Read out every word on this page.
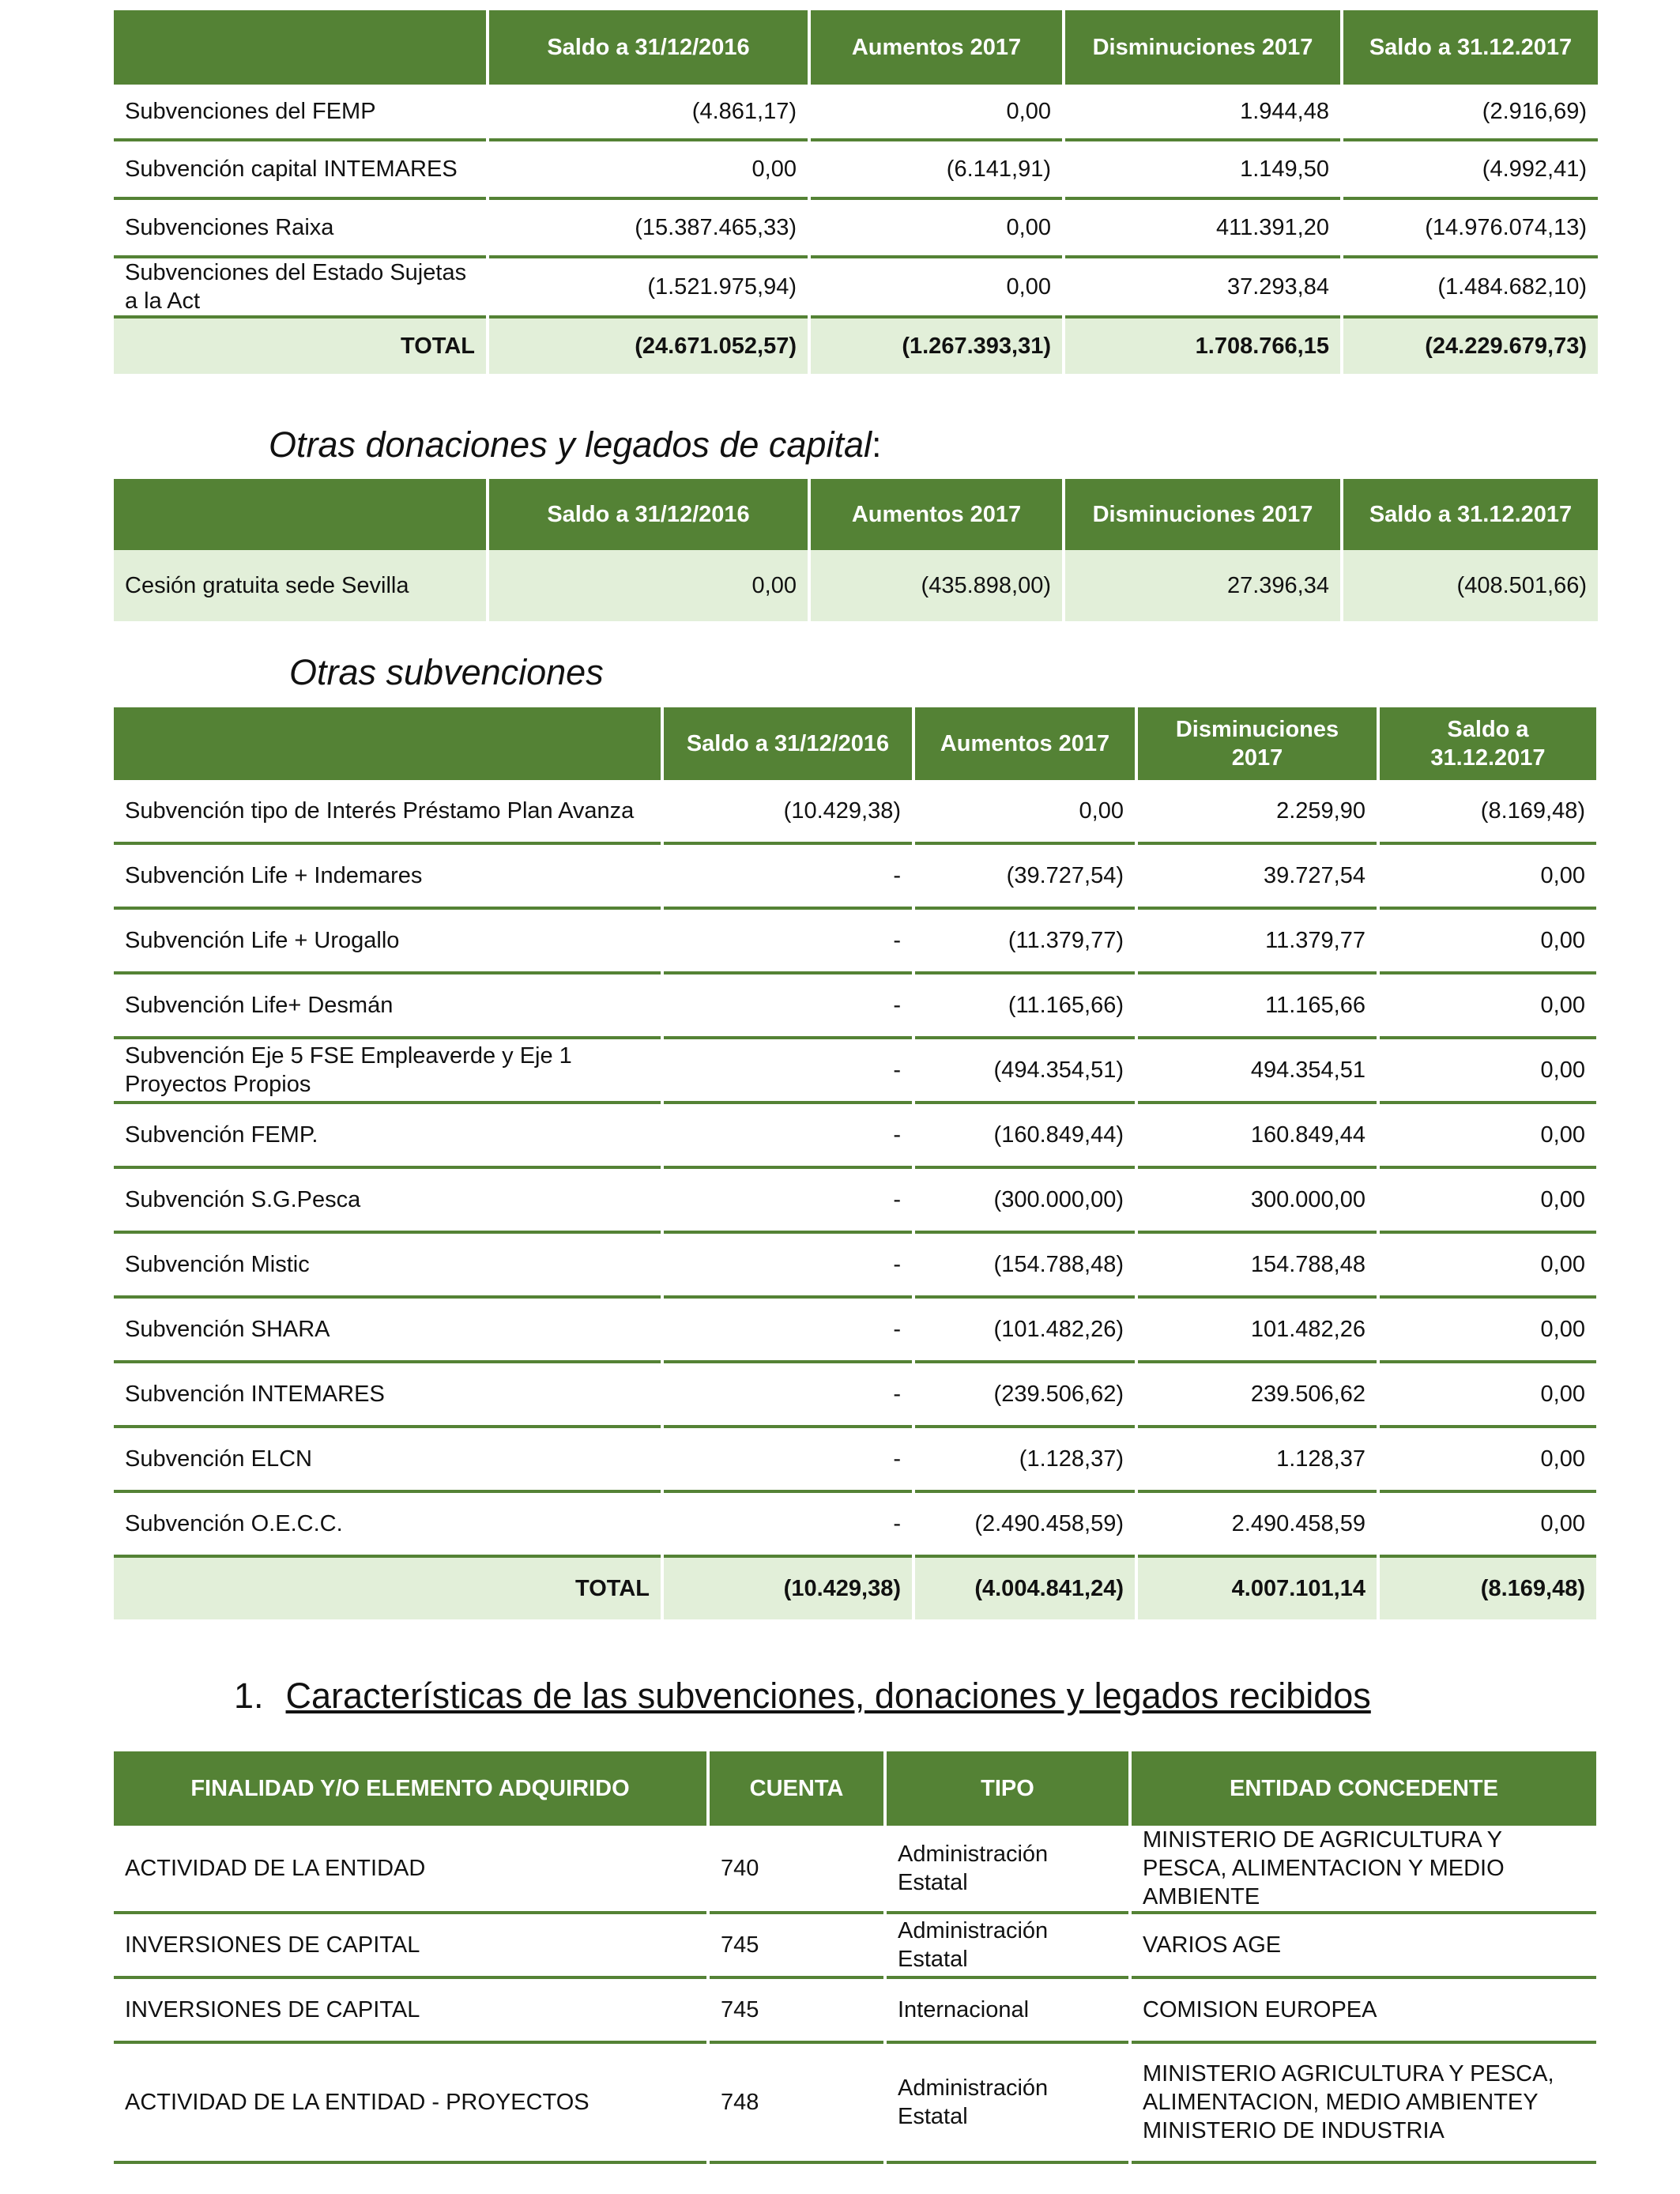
	Saldo a 31/12/2016	Aumentos 2017	Disminuciones 2017	Saldo a 31.12.2017
Subvenciones del FEMP	(4.861,17)	0,00	1.944,48	(2.916,69)
Subvención capital INTEMARES	0,00	(6.141,91)	1.149,50	(4.992,41)
Subvenciones Raixa	(15.387.465,33)	0,00	411.391,20	(14.976.074,13)
Subvenciones del Estado Sujetas a la Act	(1.521.975,94)	0,00	37.293,84	(1.484.682,10)
TOTAL	(24.671.052,57)	(1.267.393,31)	1.708.766,15	(24.229.679,73)
Otras donaciones y legados de capital:
	Saldo a 31/12/2016	Aumentos 2017	Disminuciones 2017	Saldo a 31.12.2017
Cesión gratuita sede Sevilla	0,00	(435.898,00)	27.396,34	(408.501,66)
Otras subvenciones
	Saldo a 31/12/2016	Aumentos 2017	Disminuciones 2017	Saldo a 31.12.2017
Subvención tipo de Interés Préstamo Plan Avanza	(10.429,38)	0,00	2.259,90	(8.169,48)
Subvención Life + Indemares	-	(39.727,54)	39.727,54	0,00
Subvención Life + Urogallo	-	(11.379,77)	11.379,77	0,00
Subvención Life+ Desmán	-	(11.165,66)	11.165,66	0,00
Subvención Eje 5 FSE Empleaverde y Eje 1 Proyectos Propios	-	(494.354,51)	494.354,51	0,00
Subvención FEMP.	-	(160.849,44)	160.849,44	0,00
Subvención S.G.Pesca	-	(300.000,00)	300.000,00	0,00
Subvención Mistic	-	(154.788,48)	154.788,48	0,00
Subvención SHARA	-	(101.482,26)	101.482,26	0,00
Subvención INTEMARES	-	(239.506,62)	239.506,62	0,00
Subvención ELCN	-	(1.128,37)	1.128,37	0,00
Subvención O.E.C.C.	-	(2.490.458,59)	2.490.458,59	0,00
TOTAL	(10.429,38)	(4.004.841,24)	4.007.101,14	(8.169,48)
1. Características de las subvenciones, donaciones y legados recibidos
FINALIDAD Y/O ELEMENTO ADQUIRIDO	CUENTA	TIPO	ENTIDAD CONCEDENTE
ACTIVIDAD DE LA ENTIDAD	740	Administración Estatal	MINISTERIO DE AGRICULTURA Y PESCA, ALIMENTACION Y MEDIO AMBIENTE
INVERSIONES DE CAPITAL	745	Administración Estatal	VARIOS AGE
INVERSIONES DE CAPITAL	745	Internacional	COMISION EUROPEA
ACTIVIDAD DE LA ENTIDAD - PROYECTOS	748	Administración Estatal	MINISTERIO AGRICULTURA Y PESCA, ALIMENTACION, MEDIO AMBIENTEY MINISTERIO DE INDUSTRIA
